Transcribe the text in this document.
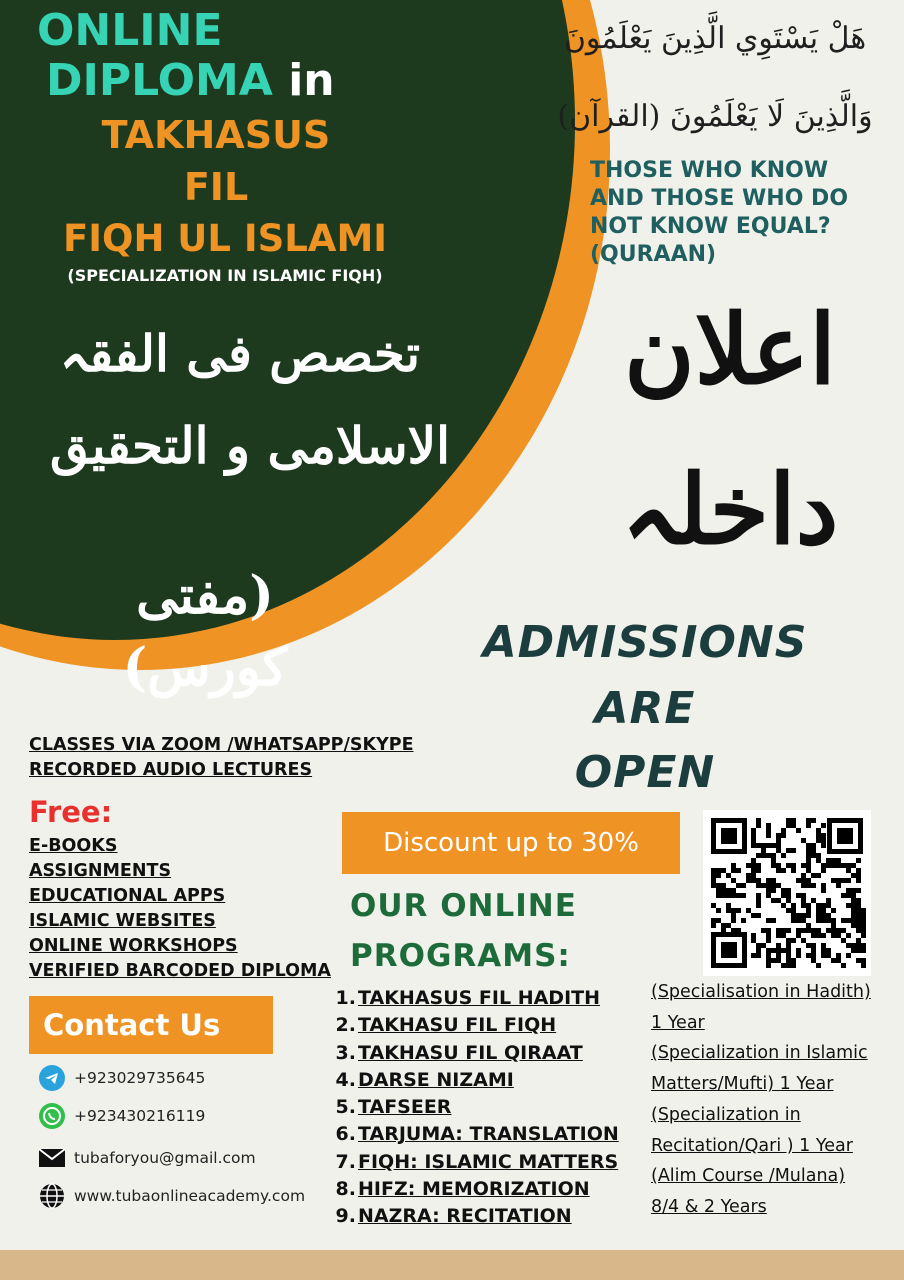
ONLINE
DIPLOMA in
TAKHASUS
FIL
FIQH UL ISLAMI
(SPECIALIZATION IN ISLAMIC FIQH)
تخصص فی الفقہ
الاسلامی و التحقیق
(مفتی کورس)
هَلْ يَسْتَوِي الَّذِينَ يَعْلَمُونَ
وَالَّذِينَ لَا يَعْلَمُونَ (القرآن)
THOSE WHO KNOW
AND THOSE WHO DO
NOT KNOW EQUAL?
(QURAAN)
اعلان
داخلہ
ADMISSIONS
ARE
OPEN
CLASSES VIA ZOOM /WHATSAPP/SKYPE
RECORDED AUDIO LECTURES
Free:
E-BOOKS
ASSIGNMENTS
EDUCATIONAL APPS
ISLAMIC WEBSITES
ONLINE WORKSHOPS
VERIFIED BARCODED DIPLOMA
Contact Us
+923029735645
+923430216119
tubaforyou@gmail.com
www.tubaonlineacademy.com
Discount up to 30%
OUR ONLINE
PROGRAMS:
1. TAKHASUS FIL HADITH
2. TAKHASU FIL FIQH
3. TAKHASU FIL QIRAAT
4. DARSE NIZAMI
5. TAFSEER
6. TARJUMA: TRANSLATION
7. FIQH: ISLAMIC MATTERS
8. HIFZ: MEMORIZATION
9. NAZRA: RECITATION
(Specialisation in Hadith)
1 Year
(Specialization in Islamic
Matters/Mufti) 1 Year
(Specialization in
Recitation/Qari ) 1 Year
(Alim Course /Mulana)
8/4 & 2 Years
